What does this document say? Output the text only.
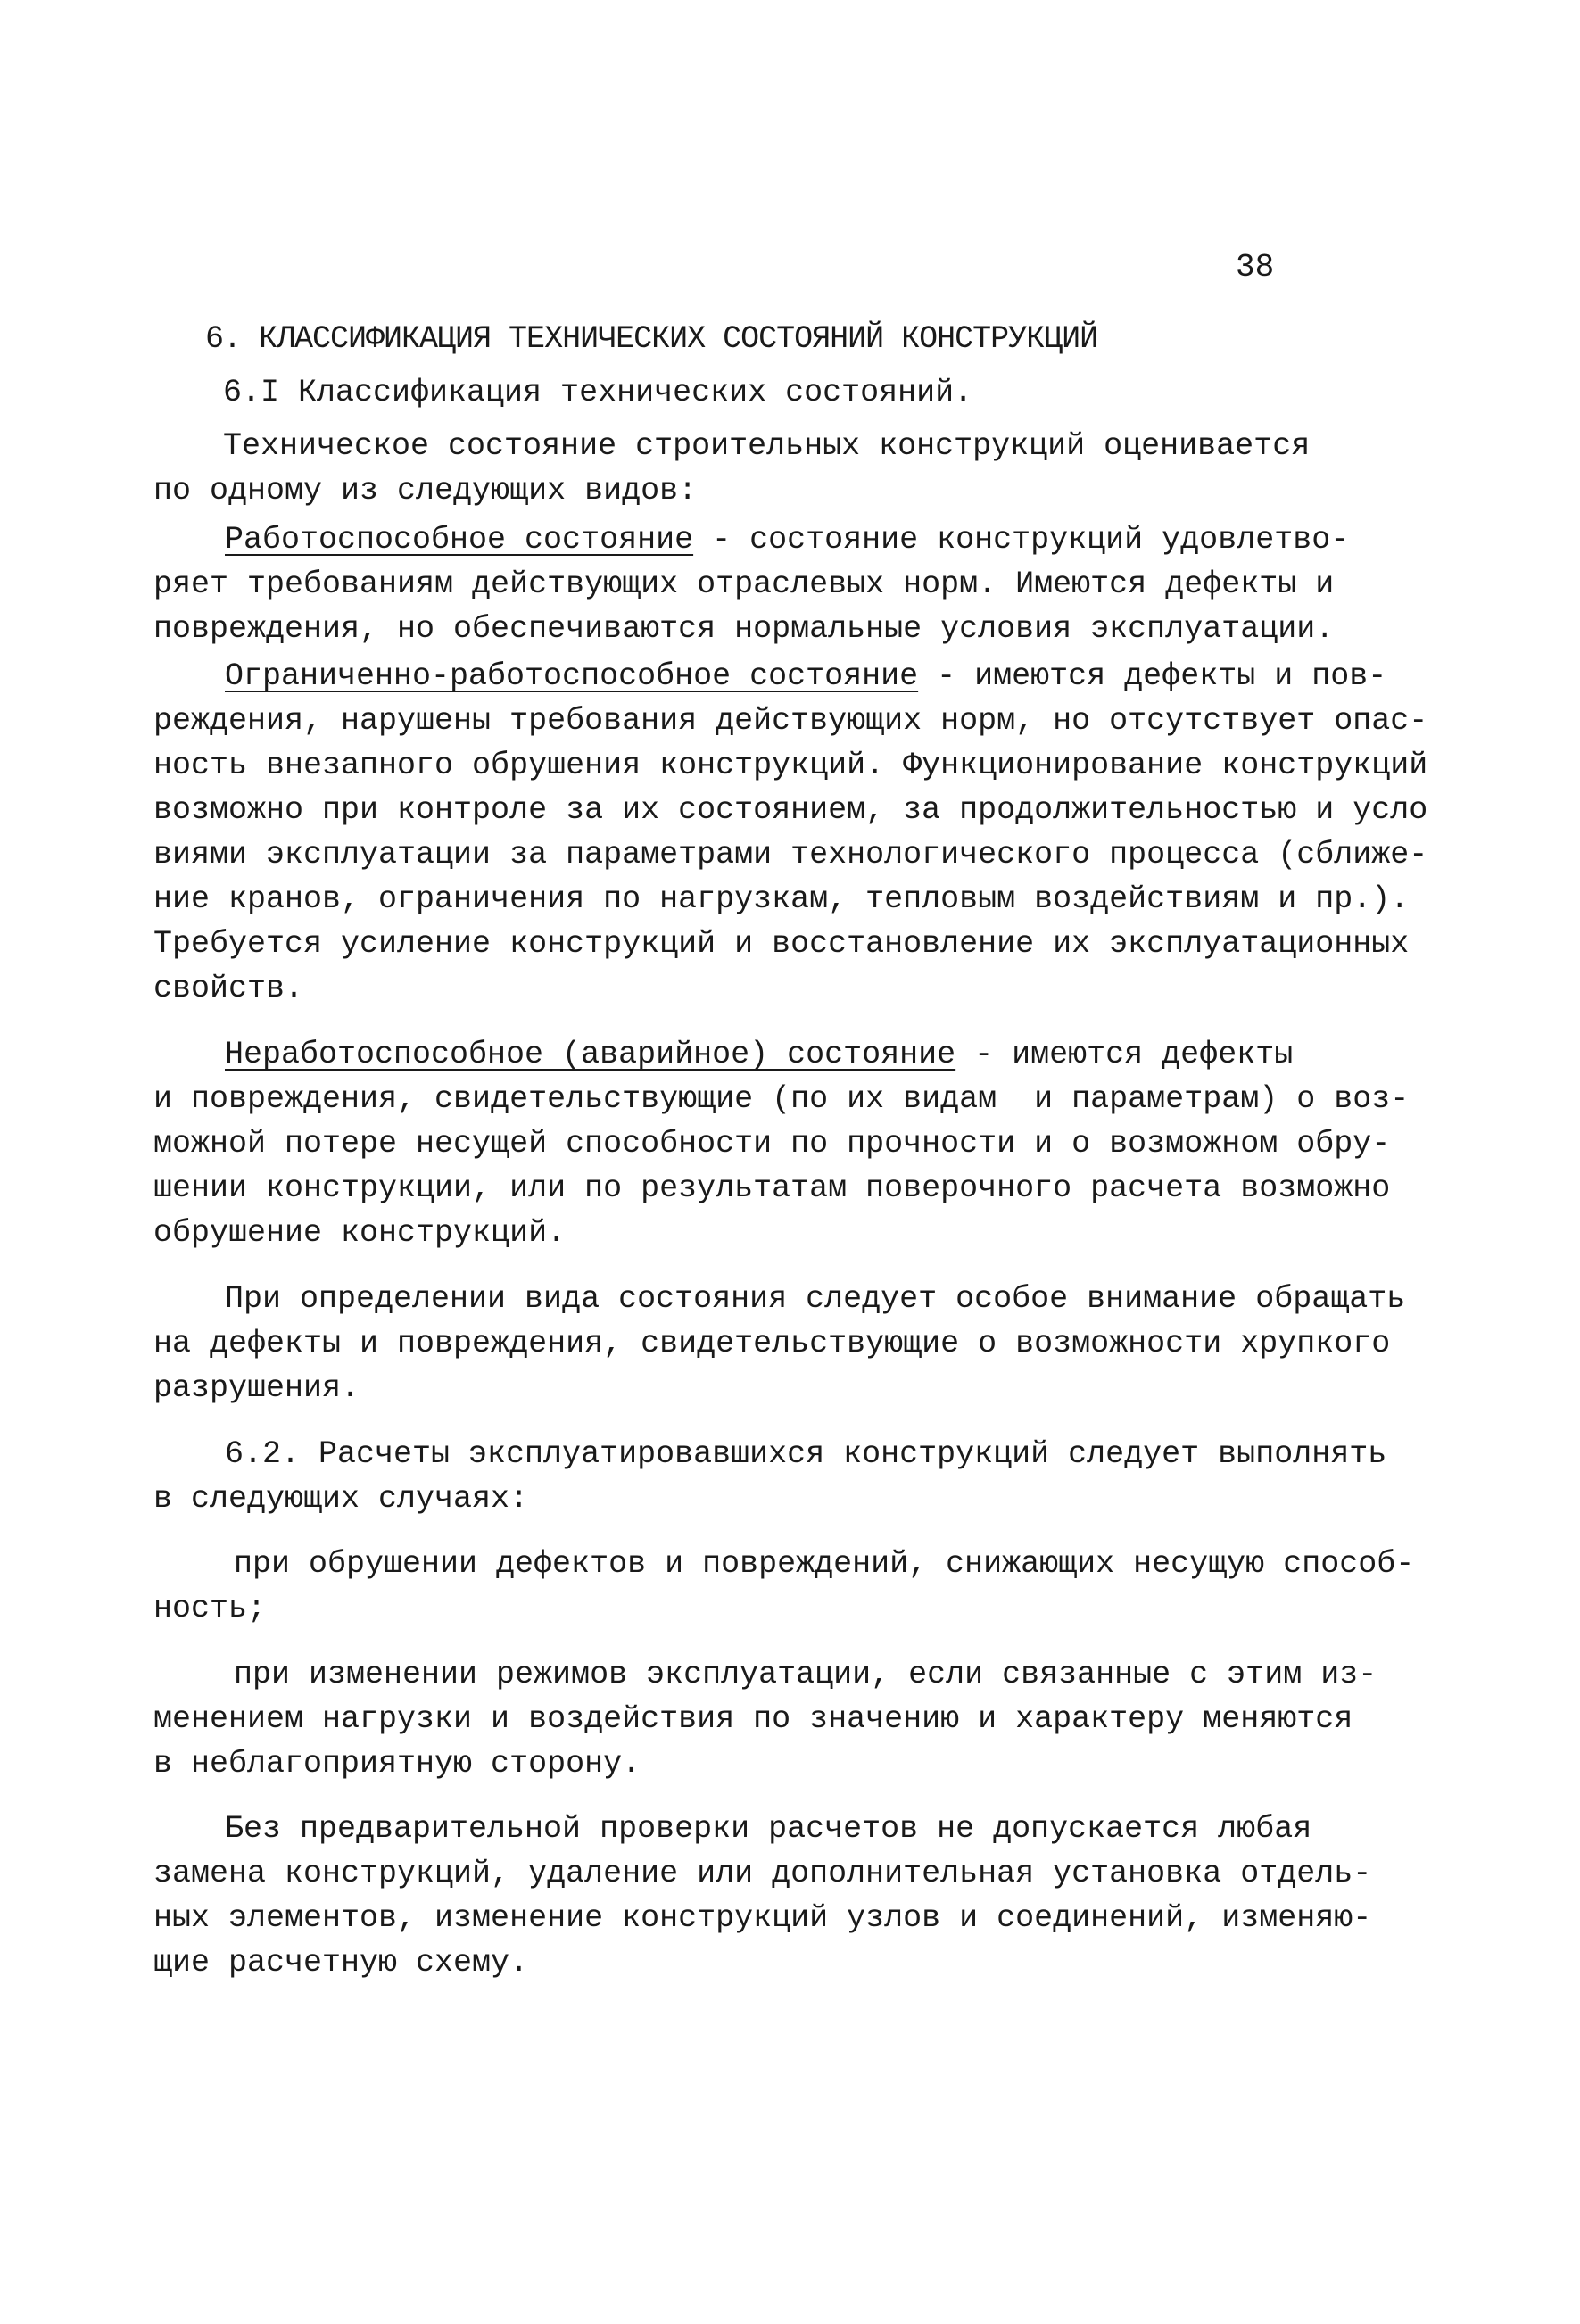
38
6. КЛАССИФИКАЦИЯ ТЕХНИЧЕСКИХ СОСТОЯНИЙ КОНСТРУКЦИЙ
6.I Классификация технических состояний.
Техническое состояние строительных конструкций оценивается
по одному из следующих видов:
Работоспособное состояние - состояние конструкций удовлетво-
ряет требованиям действующих отраслевых норм. Имеются дефекты и
повреждения, но обеспечиваются нормальные условия эксплуатации.
Ограниченно-работоспособное состояние - имеются дефекты и пов-
реждения, нарушены требования действующих норм, но отсутствует опас-
ность внезапного обрушения конструкций. Функционирование конструкций
возможно при контроле за их состоянием, за продолжительностью и усло
виями эксплуатации за параметрами технологического процесса (сближе-
ние кранов, ограничения по нагрузкам, тепловым воздействиям и пр.).
Требуется усиление конструкций и восстановление их эксплуатационных
свойств.
Неработоспособное (аварийное) состояние - имеются дефекты
и повреждения, свидетельствующие (по их видам  и параметрам) о воз-
можной потере несущей способности по прочности и о возможном обру-
шении конструкции, или по результатам поверочного расчета возможно
обрушение конструкций.
При определении вида состояния следует особое внимание обращать
на дефекты и повреждения, свидетельствующие о возможности хрупкого
разрушения.
6.2. Расчеты эксплуатировавшихся конструкций следует выполнять
в следующих случаях:
при обрушении дефектов и повреждений, снижающих несущую способ-
ность;
при изменении режимов эксплуатации, если связанные с этим из-
менением нагрузки и воздействия по значению и характеру меняются
в неблагоприятную сторону.
Без предварительной проверки расчетов не допускается любая
замена конструкций, удаление или дополнительная установка отдель-
ных элементов, изменение конструкций узлов и соединений, изменяю-
щие расчетную схему.
